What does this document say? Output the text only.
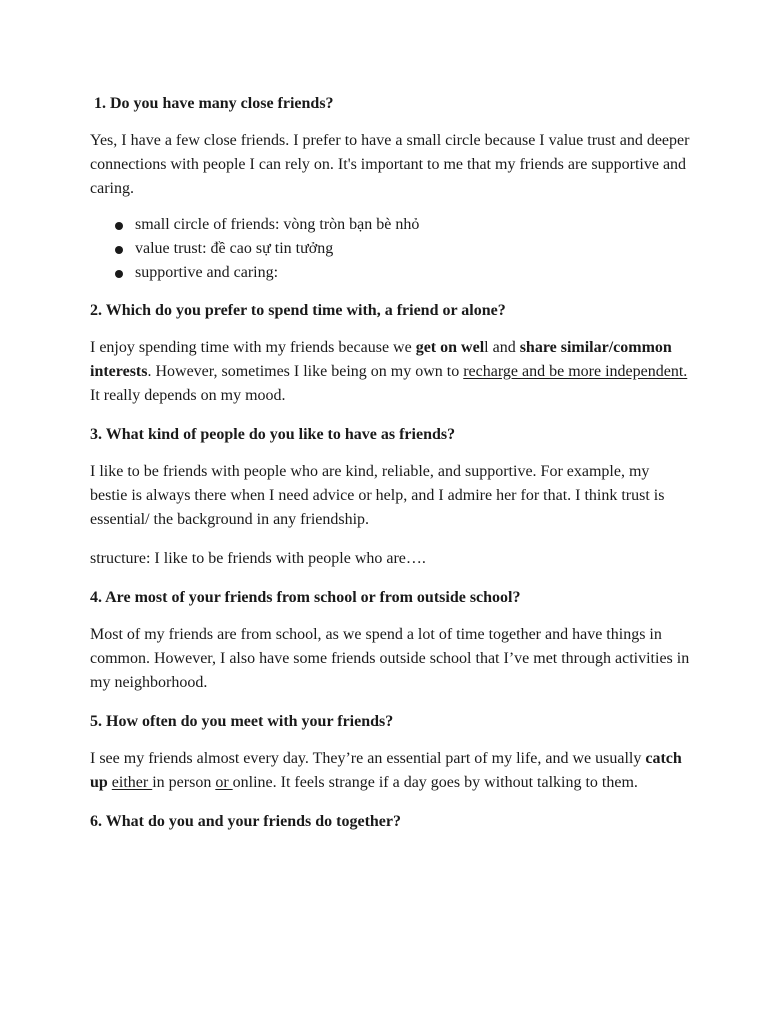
1. Do you have many close friends?

Yes, I have a few close friends. I prefer to have a small circle because I value trust and deeper connections with people I can rely on. It's important to me that my friends are supportive and caring.

small circle of friends: vòng tròn bạn bè nhỏ
value trust: đề cao sự tin tưởng
supportive and caring:

2. Which do you prefer to spend time with, a friend or alone?

I enjoy spending time with my friends because we get on well and share similar/common interests. However, sometimes I like being on my own to recharge and be more independent. It really depends on my mood.

3. What kind of people do you like to have as friends?

I like to be friends with people who are kind, reliable, and supportive. For example, my bestie is always there when I need advice or help, and I admire her for that. I think trust is essential/ the background in any friendship.

structure: I like to be friends with people who are….

4. Are most of your friends from school or from outside school?

Most of my friends are from school, as we spend a lot of time together and have things in common. However, I also have some friends outside school that I’ve met through activities in my neighborhood.

5. How often do you meet with your friends?

I see my friends almost every day. They’re an essential part of my life, and we usually catch up either in person or online. It feels strange if a day goes by without talking to them.

6. What do you and your friends do together?
